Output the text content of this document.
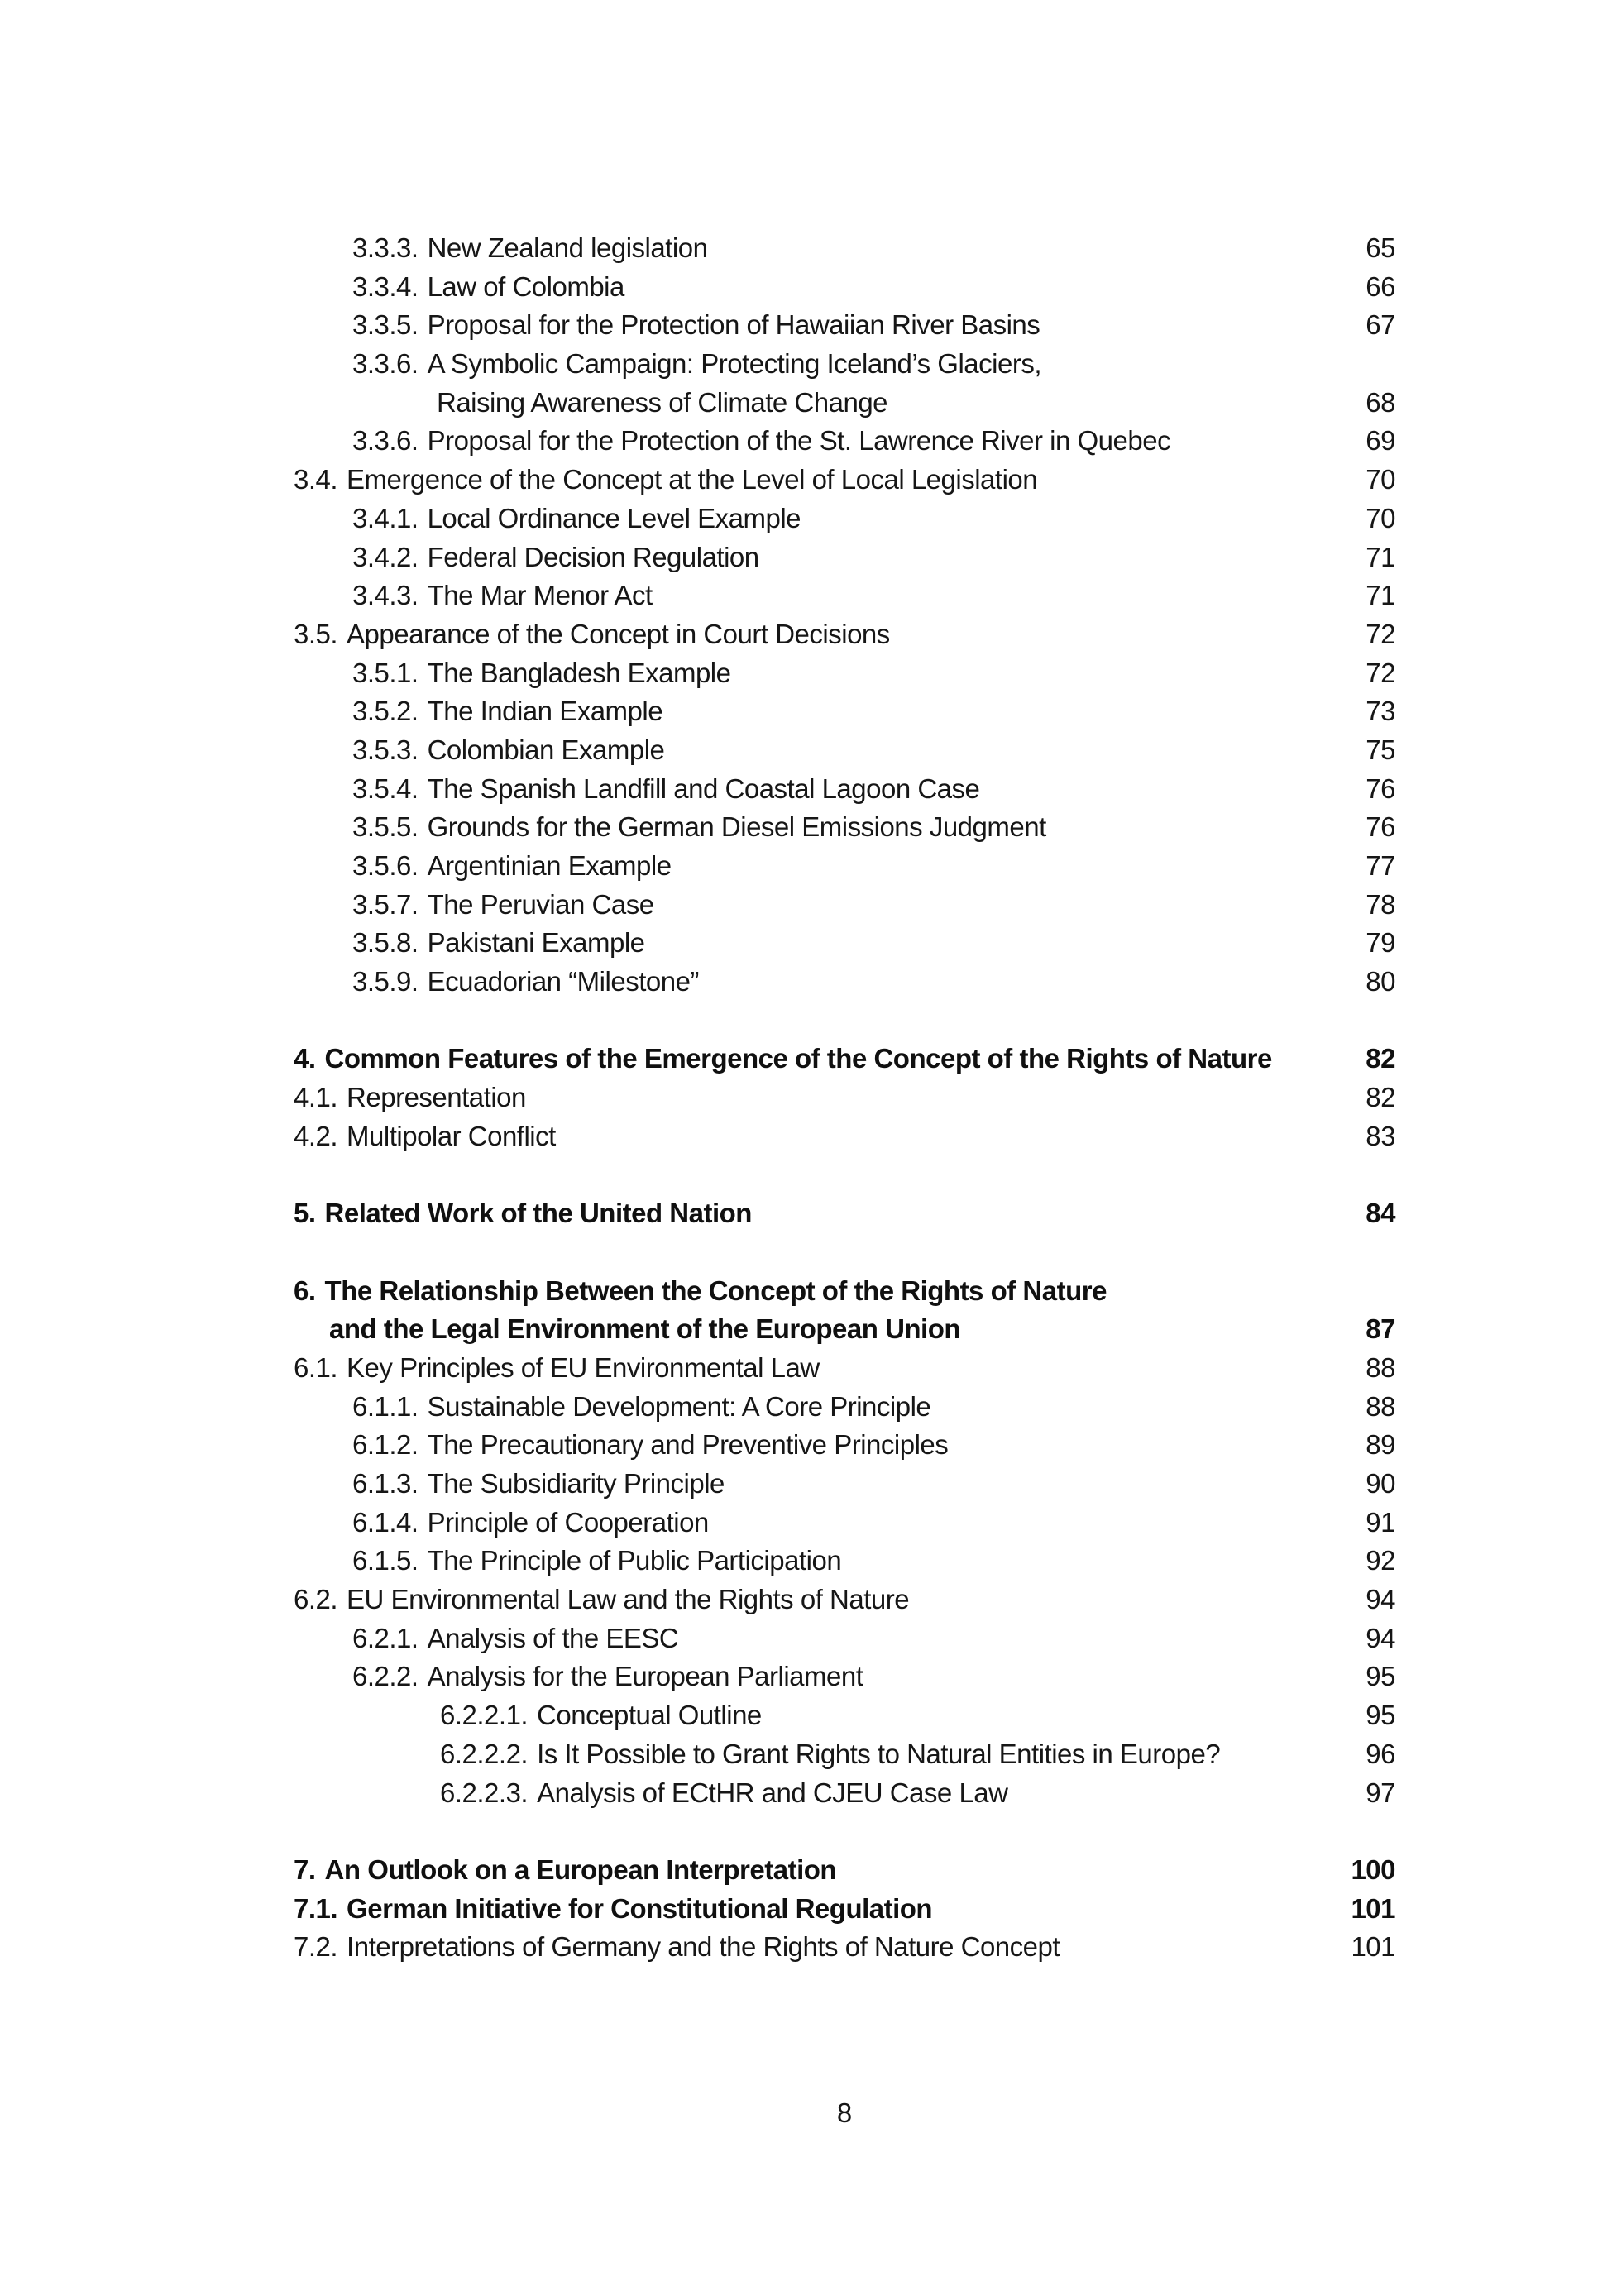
3.3.3. New Zealand legislation	65
3.3.4. Law of Colombia	66
3.3.5. Proposal for the Protection of Hawaiian River Basins	67
3.3.6. A Symbolic Campaign: Protecting Iceland’s Glaciers,
Raising Awareness of Climate Change	68
3.3.6. Proposal for the Protection of the St. Lawrence River in Quebec	69
3.4. Emergence of the Concept at the Level of Local Legislation	70
3.4.1. Local Ordinance Level Example	70
3.4.2. Federal Decision Regulation	71
3.4.3. The Mar Menor Act	71
3.5. Appearance of the Concept in Court Decisions	72
3.5.1. The Bangladesh Example	72
3.5.2. The Indian Example	73
3.5.3. Colombian Example	75
3.5.4. The Spanish Landfill and Coastal Lagoon Case	76
3.5.5. Grounds for the German Diesel Emissions Judgment	76
3.5.6. Argentinian Example	77
3.5.7. The Peruvian Case	78
3.5.8. Pakistani Example	79
3.5.9. Ecuadorian “Milestone”	80
4. Common Features of the Emergence of the Concept of the Rights of Nature	82
4.1. Representation	82
4.2. Multipolar Conflict	83
5. Related Work of the United Nation	84
6. The Relationship Between the Concept of the Rights of Nature
and the Legal Environment of the European Union	87
6.1. Key Principles of EU Environmental Law	88
6.1.1. Sustainable Development: A Core Principle	88
6.1.2. The Precautionary and Preventive Principles	89
6.1.3. The Subsidiarity Principle	90
6.1.4. Principle of Cooperation	91
6.1.5. The Principle of Public Participation	92
6.2. EU Environmental Law and the Rights of Nature	94
6.2.1. Analysis of the EESC	94
6.2.2. Analysis for the European Parliament	95
6.2.2.1. Conceptual Outline	95
6.2.2.2. Is It Possible to Grant Rights to Natural Entities in Europe?	96
6.2.2.3. Analysis of ECtHR and CJEU Case Law	97
7. An Outlook on a European Interpretation	100
7.1. German Initiative for Constitutional Regulation	101
7.2. Interpretations of Germany and the Rights of Nature Concept	101
8
